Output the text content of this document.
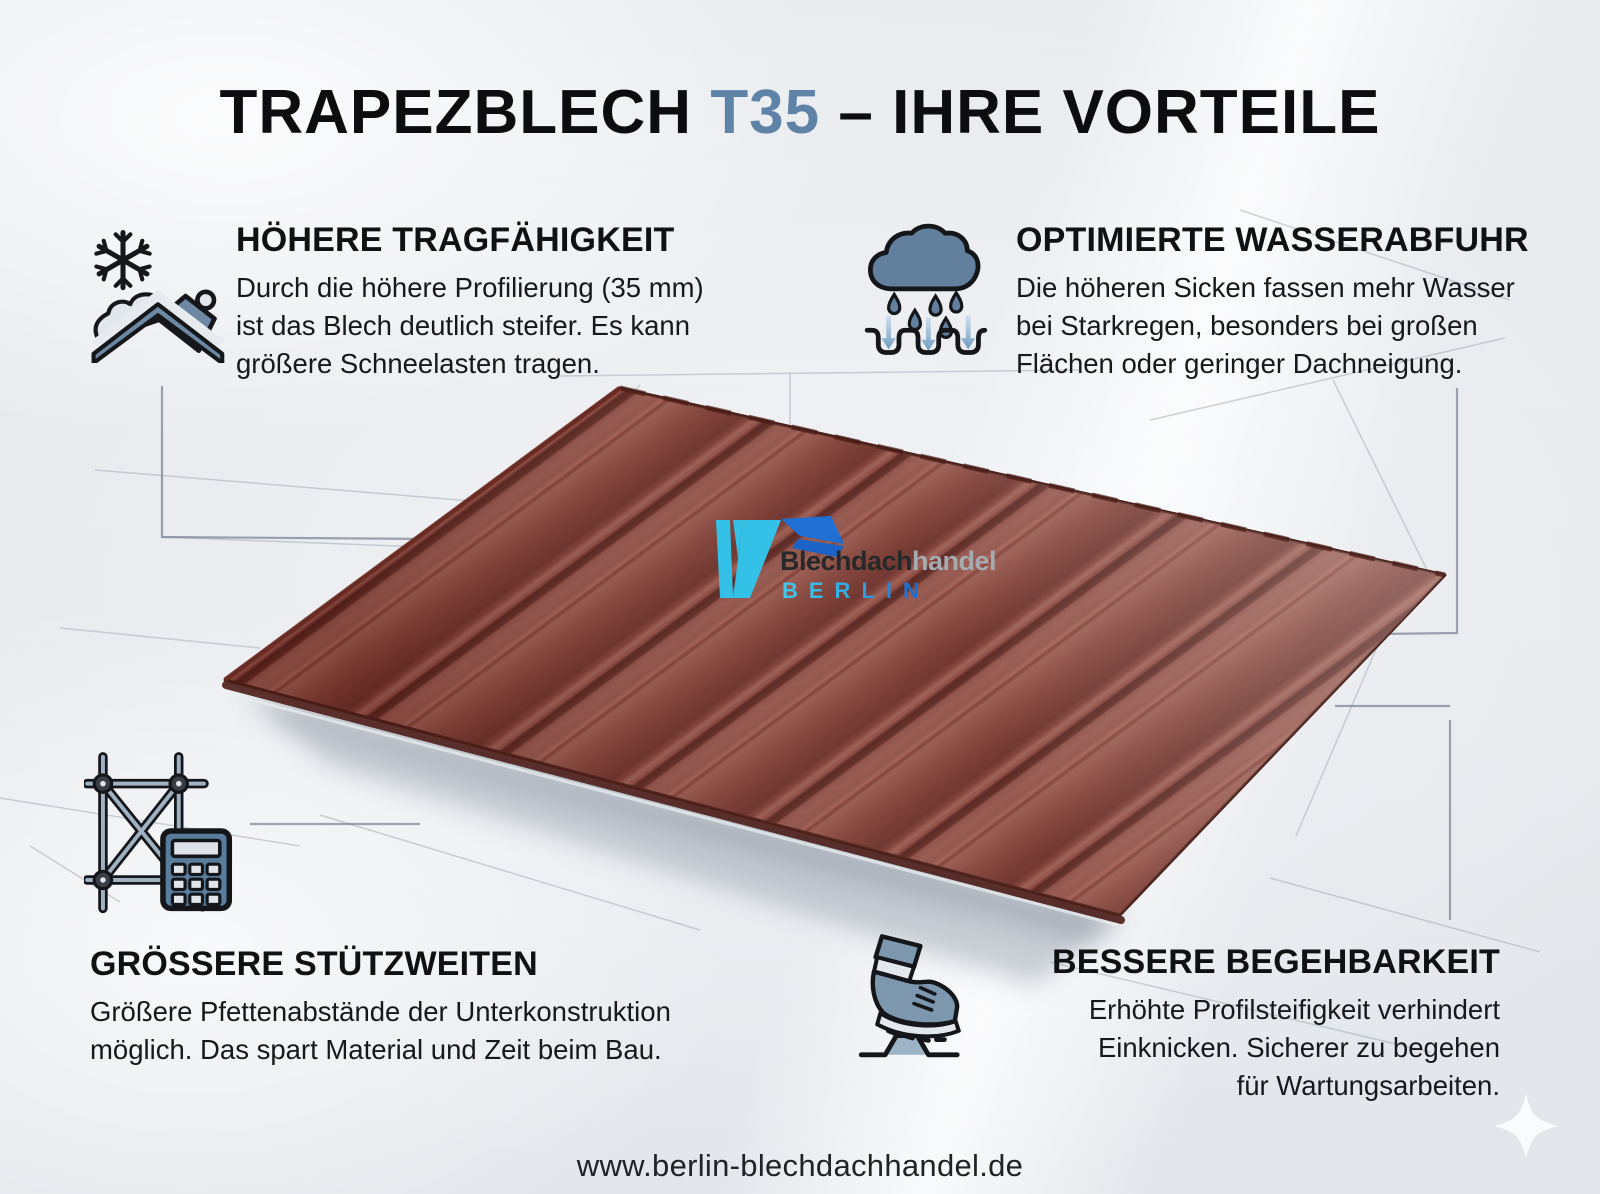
Blechdachhandel
BERLIN
TRAPEZBLECH T35 – IHRE VORTEILE
HÖHERE TRAGFÄHIGKEIT
Durch die höhere Profilierung (35 mm)
ist das Blech deutlich steifer. Es kann
größere Schneelasten tragen.
OPTIMIERTE WASSERABFUHR
Die höheren Sicken fassen mehr Wasser
bei Starkregen, besonders bei großen
Flächen oder geringer Dachneigung.
GRÖSSERE STÜTZWEITEN
Größere Pfettenabstände der Unterkonstruktion
möglich. Das spart Material und Zeit beim Bau.
BESSERE BEGEHBARKEIT
Erhöhte Profilsteifigkeit verhindert
Einknicken. Sicherer zu begehen
für Wartungsarbeiten.
www.berlin-blechdachhandel.de
